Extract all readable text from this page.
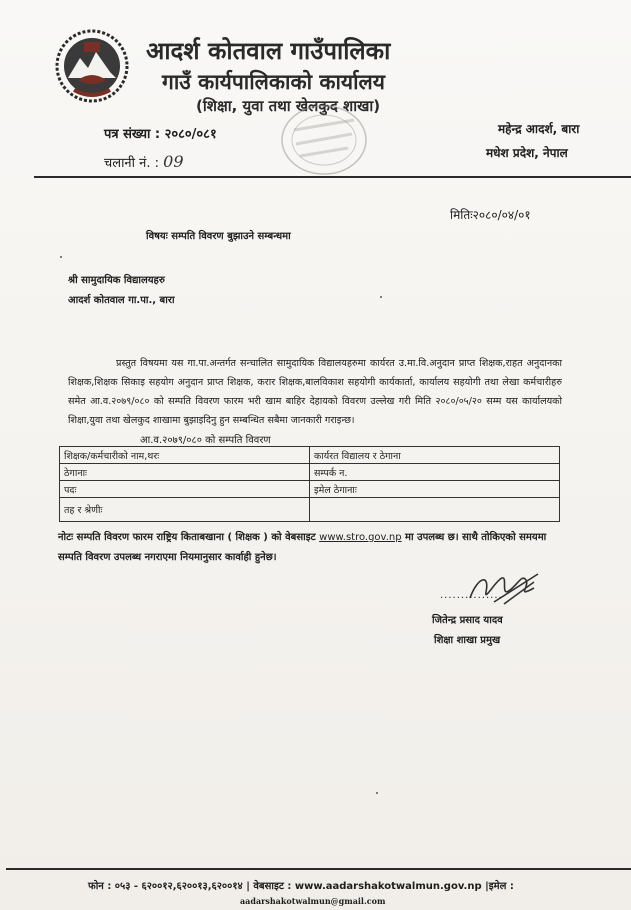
आदर्श कोतवाल गाउँपालिका
गाउँ कार्यपालिकाको कार्यालय
(शिक्षा, युवा तथा खेलकुद शाखा)
पत्र संख्या : २०८०/०८१
चलानी नं. : 09
महेन्द्र आदर्श, बारा
मधेश प्रदेश, नेपाल
मितिः२०८०/०४/०१
विषयः सम्पति विवरण बुझाउने सम्बन्धमा
श्री सामुदायिक विद्यालयहरु
आदर्श कोतवाल गा.पा., बारा
प्रस्तुत विषयमा यस गा.पा.अन्तर्गत सन्चालित सामुदायिक विद्यालयहरुमा कार्यरत उ.मा.वि.अनुदान प्राप्त शिक्षक,राहत अनुदानका शिक्षक,शिक्षक सिकाइ सहयोग अनुदान प्राप्त शिक्षक, करार शिक्षक,बालविकाश सहयोगी कार्यकार्ता, कार्यालय सहयोगी तथा लेखा कर्मचारीहरु समेत आ.व.२०७९/०८० को सम्पति विवरण फारम भरी खाम बाहिर देहायको विवरण उल्लेख गरी मिति २०८०/०५/२० सम्म यस कार्यालयको शिक्षा,युवा तथा खेलकुद शाखामा बुझाइदिनु हुन सम्बन्धित सबैमा जानकारी गराइन्छ।
आ.व.२०७९/०८० को सम्पति विवरण
शिक्षक/कर्मचारीको नाम,थरः	कार्यरत विद्यालय र ठेगाना
ठेगानाः	सम्पर्क न.
पदः	इमेल ठेगानाः
तह र श्रेणीः	
नोटः सम्पति विवरण फारम राष्ट्रिय किताबखाना ( शिक्षक ) को वेबसाइट www.stro.gov.np मा उपलब्ध छ। साथै तोकिएको समयमा सम्पति विवरण उपलब्ध नगराएमा नियमानुसार कार्वाही हुनेछ।
...............
जितेन्द्र प्रसाद यादव
शिक्षा शाखा प्रमुख
फोन : ०५३ - ६२००१२,६२००१३,६२००१४ | वेबसाइट : www.aadarshakotwalmun.gov.np |इमेल :
aadarshakotwalmun@gmail.com
